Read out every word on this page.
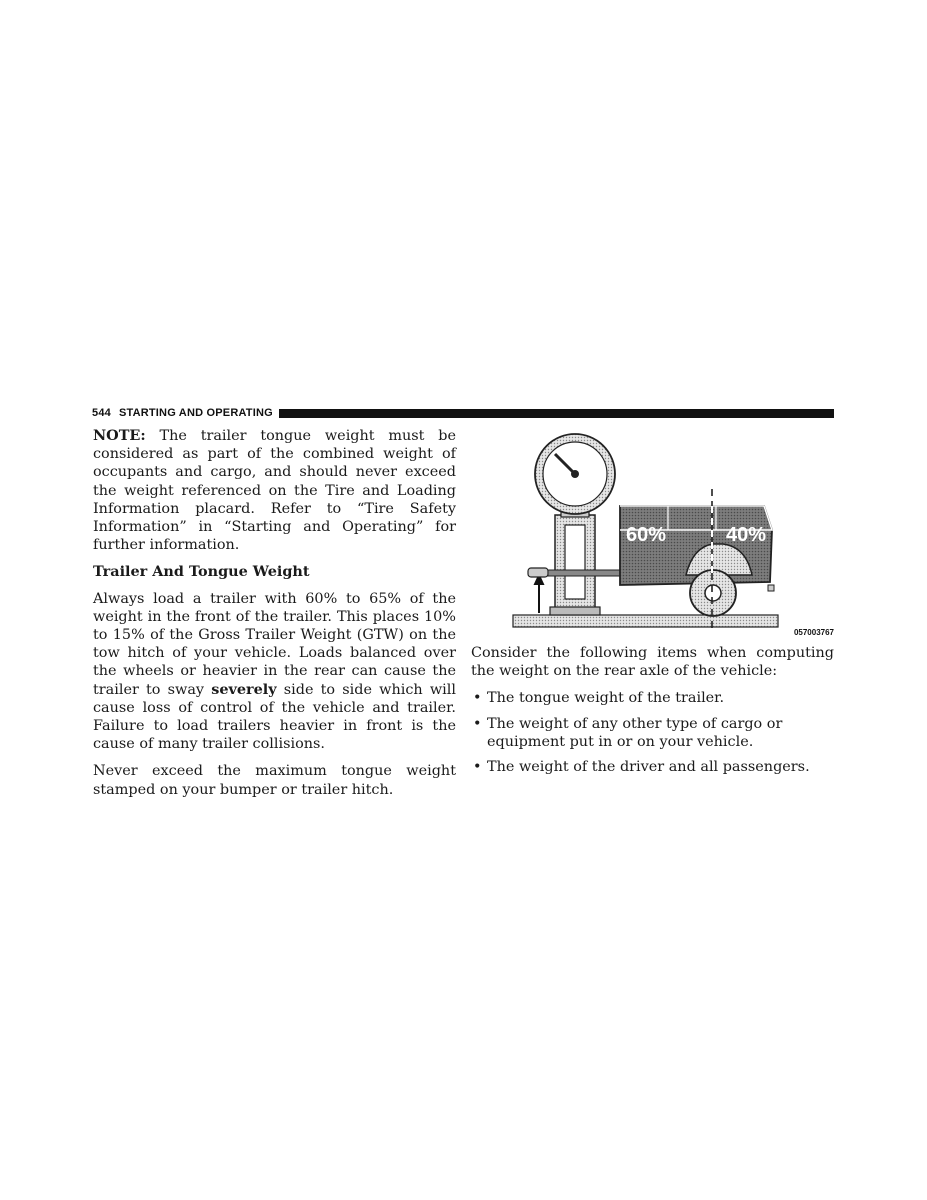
544 STARTING AND OPERATING

NOTE: The trailer tongue weight must be considered as part of the combined weight of occupants and cargo, and should never exceed the weight referenced on the Tire and Loading Information placard. Refer to “Tire Safety Information” in “Starting and Operating” for further information.

Trailer And Tongue Weight

Always load a trailer with 60% to 65% of the weight in the front of the trailer. This places 10% to 15% of the Gross Trailer Weight (GTW) on the tow hitch of your vehicle. Loads balanced over the wheels or heavier in the rear can cause the trailer to sway severely side to side which will cause loss of control of the vehicle and trailer. Failure to load trailers heavier in front is the cause of many trailer collisions.

Never exceed the maximum tongue weight stamped on your bumper or trailer hitch.

60%	40%
057003767

Consider the following items when computing the weight on the rear axle of the vehicle:

• The tongue weight of the trailer.
• The weight of any other type of cargo or equipment put in or on your vehicle.
• The weight of the driver and all passengers.
